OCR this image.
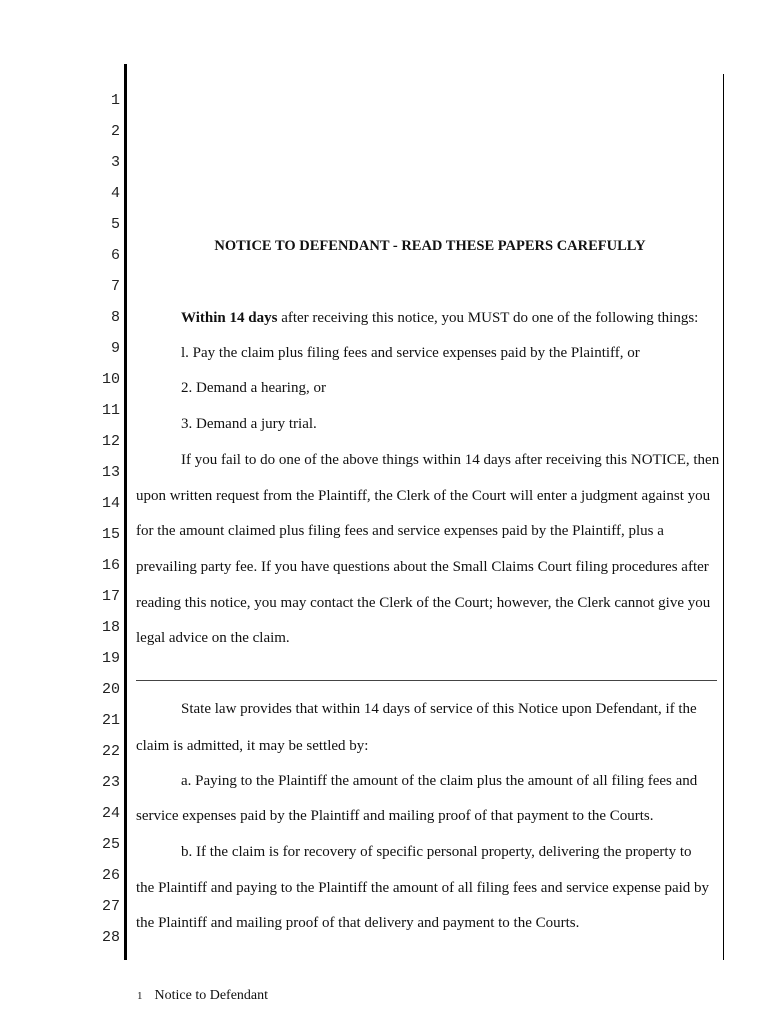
1
2
3
4
5
6
7
8
9
10
11
12
13
14
15
16
17
18
19
20
21
22
23
24
25
26
27
28
NOTICE TO DEFENDANT - READ THESE PAPERS CAREFULLY
Within 14 days after receiving this notice, you MUST do one of the following things:
l. Pay the claim plus filing fees and service expenses paid by the Plaintiff, or
2. Demand a hearing, or
3. Demand a jury trial.
If you fail to do one of the above things within 14 days after receiving this NOTICE, then
upon written request from the Plaintiff, the Clerk of the Court will enter a judgment against you
for the amount claimed plus filing fees and service expenses paid by the Plaintiff, plus a
prevailing party fee. If you have questions about the Small Claims Court filing procedures after
reading this notice, you may contact the Clerk of the Court; however, the Clerk cannot give you
legal advice on the claim.
State law provides that within 14 days of service of this Notice upon Defendant, if the
claim is admitted, it may be settled by:
a. Paying to the Plaintiff the amount of the claim plus the amount of all filing fees and
service expenses paid by the Plaintiff and mailing proof of that payment to the Courts.
b. If the claim is for recovery of specific personal property, delivering the property to
the Plaintiff and paying to the Plaintiff the amount of all filing fees and service expense paid by
the Plaintiff and mailing proof of that delivery and payment to the Courts.
1 Notice to Defendant
